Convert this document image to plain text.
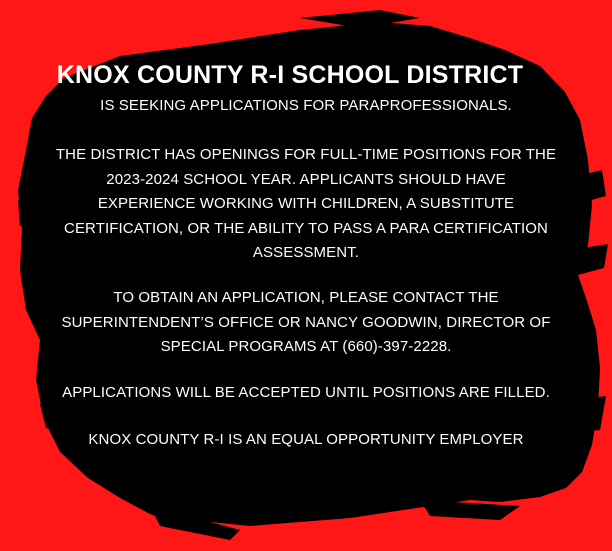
KNOX COUNTY R-I SCHOOL DISTRICT

IS SEEKING APPLICATIONS FOR PARAPROFESSIONALS.

THE DISTRICT HAS OPENINGS FOR FULL-TIME POSITIONS FOR THE
2023-2024 SCHOOL YEAR. APPLICANTS SHOULD HAVE
EXPERIENCE WORKING WITH CHILDREN, A SUBSTITUTE
CERTIFICATION, OR THE ABILITY TO PASS A PARA CERTIFICATION
ASSESSMENT.

TO OBTAIN AN APPLICATION, PLEASE CONTACT THE
SUPERINTENDENT’S OFFICE OR NANCY GOODWIN, DIRECTOR OF
SPECIAL PROGRAMS AT (660)-397-2228.

APPLICATIONS WILL BE ACCEPTED UNTIL POSITIONS ARE FILLED.

KNOX COUNTY R-I IS AN EQUAL OPPORTUNITY EMPLOYER
